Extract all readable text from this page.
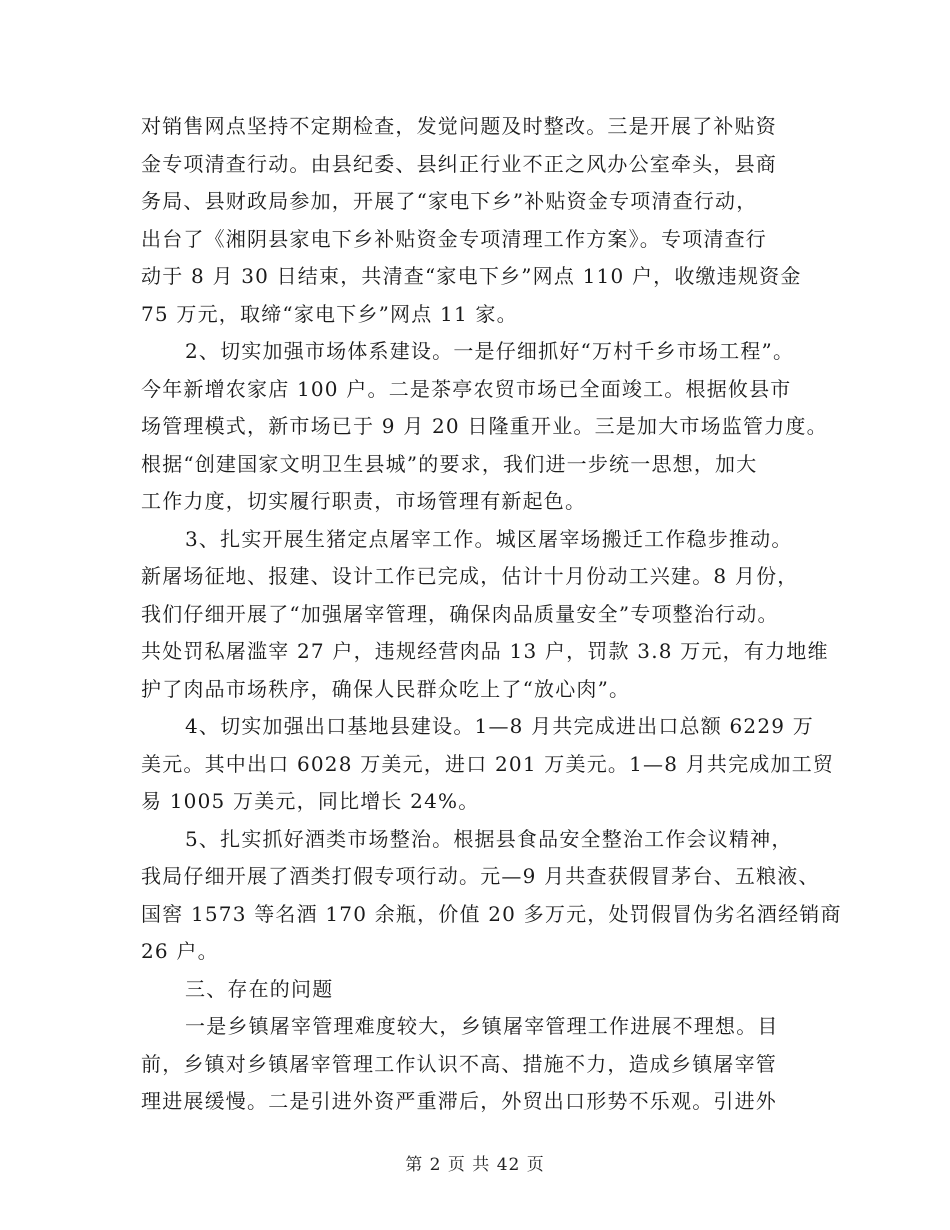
对销售网点坚持不定期检查，发觉问题及时整改。三是开展了补贴资
金专项清查行动。由县纪委、县纠正行业不正之风办公室牵头，县商
务局、县财政局参加，开展了“家电下乡”补贴资金专项清查行动，
出台了《湘阴县家电下乡补贴资金专项清理工作方案》。专项清查行
动于 8 月 30 日结束，共清查“家电下乡”网点 110 户，收缴违规资金
75 万元，取缔“家电下乡”网点 11 家。
2、切实加强市场体系建设。一是仔细抓好“万村千乡市场工程”。
今年新增农家店 100 户。二是茶亭农贸市场已全面竣工。根据攸县市
场管理模式，新市场已于 9 月 20 日隆重开业。三是加大市场监管力度。
根据“创建国家文明卫生县城”的要求，我们进一步统一思想，加大
工作力度，切实履行职责，市场管理有新起色。
3、扎实开展生猪定点屠宰工作。城区屠宰场搬迁工作稳步推动。
新屠场征地、报建、设计工作已完成，估计十月份动工兴建。8 月份，
我们仔细开展了“加强屠宰管理，确保肉品质量安全”专项整治行动。
共处罚私屠滥宰 27 户，违规经营肉品 13 户，罚款 3.8 万元，有力地维
护了肉品市场秩序，确保人民群众吃上了“放心肉”。
4、切实加强出口基地县建设。1—8 月共完成进出口总额 6229 万
美元。其中出口 6028 万美元，进口 201 万美元。1—8 月共完成加工贸
易 1005 万美元，同比增长 24%。
5、扎实抓好酒类市场整治。根据县食品安全整治工作会议精神，
我局仔细开展了酒类打假专项行动。元—9 月共查获假冒茅台、五粮液、
国窖 1573 等名酒 170 余瓶，价值 20 多万元，处罚假冒伪劣名酒经销商
26 户。
三、存在的问题
一是乡镇屠宰管理难度较大，乡镇屠宰管理工作进展不理想。目
前，乡镇对乡镇屠宰管理工作认识不高、措施不力，造成乡镇屠宰管
理进展缓慢。二是引进外资严重滞后，外贸出口形势不乐观。引进外
第 2 页 共 42 页
